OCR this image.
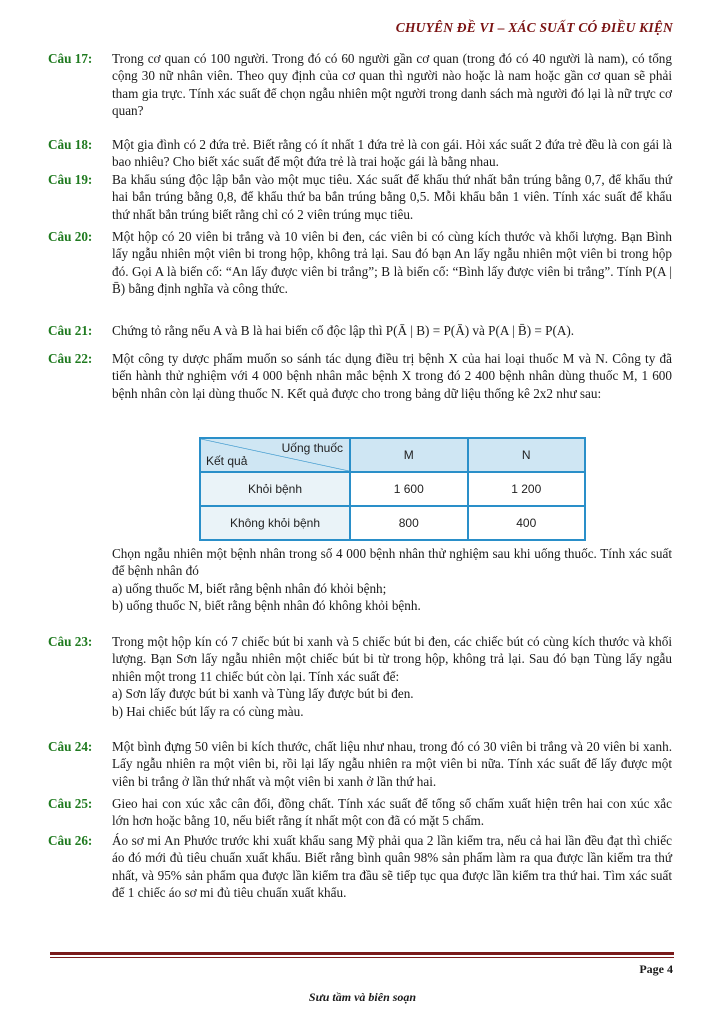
CHUYÊN ĐỀ VI – XÁC SUẤT CÓ ĐIỀU KIỆN
Câu 17:	Trong cơ quan có 100 người. Trong đó có 60 người gần cơ quan (trong đó có 40 người là nam), có tổng cộng 30 nữ nhân viên. Theo quy định của cơ quan thì người nào hoặc là nam hoặc gần cơ quan sẽ phải tham gia trực. Tính xác suất để chọn ngẫu nhiên một người trong danh sách mà người đó lại là nữ trực cơ quan?

Câu 18:	Một gia đình có 2 đứa trẻ. Biết rằng có ít nhất 1 đứa trẻ là con gái. Hỏi xác suất 2 đứa trẻ đều là con gái là bao nhiêu? Cho biết xác suất để một đứa trẻ là trai hoặc gái là bằng nhau.

Câu 19:	Ba khẩu súng độc lập bắn vào một mục tiêu. Xác suất để khẩu thứ nhất bắn trúng bằng 0,7, để khẩu thứ hai bắn trúng bằng 0,8, để khẩu thứ ba bắn trúng bằng 0,5. Mỗi khẩu bắn 1 viên. Tính xác suất để khẩu thứ nhất bắn trúng biết rằng chỉ có 2 viên trúng mục tiêu.

Câu 20:	Một hộp có 20 viên bi trắng và 10 viên bi đen, các viên bi có cùng kích thước và khối lượng. Bạn Bình lấy ngẫu nhiên một viên bi trong hộp, không trả lại. Sau đó bạn An lấy ngẫu nhiên một viên bi trong hộp đó. Gọi A là biến cố: “An lấy được viên bi trắng”; B là biến cố: “Bình lấy được viên bi trắng”. Tính P(A | B̄) bằng định nghĩa và công thức.

Câu 21:	Chứng tỏ rằng nếu A và B là hai biến cố độc lập thì P(Ā | B) = P(Ā) và P(A | B̄) = P(A).

Câu 22:	Một công ty dược phẩm muốn so sánh tác dụng điều trị bệnh X của hai loại thuốc M và N. Công ty đã tiến hành thử nghiệm với 4 000 bệnh nhân mắc bệnh X trong đó 2 400 bệnh nhân dùng thuốc M, 1 600 bệnh nhân còn lại dùng thuốc N. Kết quả được cho trong bảng dữ liệu thống kê 2x2 như sau:

Uống thuốc
Kết quả	M	N
Khỏi bệnh	1 600	1 200
Không khỏi bệnh	800	400

Chọn ngẫu nhiên một bệnh nhân trong số 4 000 bệnh nhân thử nghiệm sau khi uống thuốc. Tính xác suất để bệnh nhân đó

a) uống thuốc M, biết rằng bệnh nhân đó khỏi bệnh;

b) uống thuốc N, biết rằng bệnh nhân đó không khỏi bệnh.

Câu 23:	Trong một hộp kín có 7 chiếc bút bi xanh và 5 chiếc bút bi đen, các chiếc bút có cùng kích thước và khối lượng. Bạn Sơn lấy ngẫu nhiên một chiếc bút bi từ trong hộp, không trả lại. Sau đó bạn Tùng lấy ngẫu nhiên một trong 11 chiếc bút còn lại. Tính xác suất để:

a) Sơn lấy được bút bi xanh và Tùng lấy được bút bi đen.

b) Hai chiếc bút lấy ra có cùng màu.

Câu 24:	Một bình đựng 50 viên bi kích thước, chất liệu như nhau, trong đó có 30 viên bi trắng và 20 viên bi xanh. Lấy ngẫu nhiên ra một viên bi, rồi lại lấy ngẫu nhiên ra một viên bi nữa. Tính xác suất để lấy được một viên bi trắng ở lần thứ nhất và một viên bi xanh ở lần thứ hai.

Câu 25:	Gieo hai con xúc xắc cân đối, đồng chất. Tính xác suất để tổng số chấm xuất hiện trên hai con xúc xắc lớn hơn hoặc bằng 10, nếu biết rằng ít nhất một con đã có mặt 5 chấm.

Câu 26:	Áo sơ mi An Phước trước khi xuất khẩu sang Mỹ phải qua 2 lần kiểm tra, nếu cả hai lần đều đạt thì chiếc áo đó mới đủ tiêu chuẩn xuất khẩu. Biết rằng bình quân 98% sản phẩm làm ra qua được lần kiểm tra thứ nhất, và 95% sản phẩm qua được lần kiểm tra đầu sẽ tiếp tục qua được lần kiểm tra thứ hai. Tìm xác suất để 1 chiếc áo sơ mi đủ tiêu chuẩn xuất khẩu.

Page 4
Sưu tầm và biên soạn
